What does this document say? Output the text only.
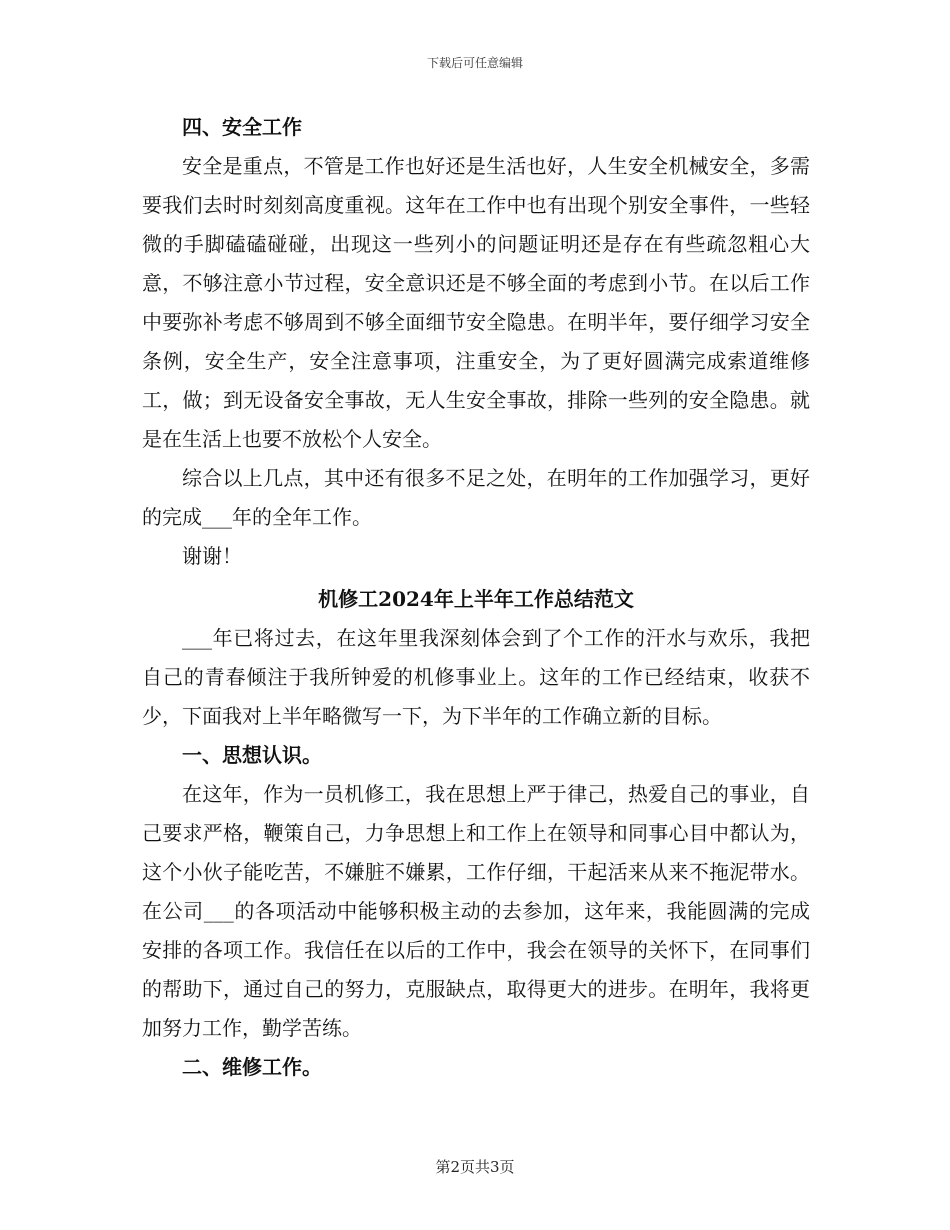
下载后可任意编辑

四、安全工作

安全是重点，不管是工作也好还是生活也好，人生安全机械安全，多需要我们去时时刻刻高度重视。这年在工作中也有出现个别安全事件，一些轻微的手脚磕磕碰碰，出现这一些列小的问题证明还是存在有些疏忽粗心大意，不够注意小节过程，安全意识还是不够全面的考虑到小节。在以后工作中要弥补考虑不够周到不够全面细节安全隐患。在明半年，要仔细学习安全条例，安全生产，安全注意事项，注重安全，为了更好圆满完成索道维修工，做；到无设备安全事故，无人生安全事故，排除一些列的安全隐患。就是在生活上也要不放松个人安全。

综合以上几点，其中还有很多不足之处，在明年的工作加强学习，更好的完成___年的全年工作。

谢谢！

机修工2024年上半年工作总结范文

___年已将过去，在这年里我深刻体会到了个工作的汗水与欢乐，我把自己的青春倾注于我所钟爱的机修事业上。这年的工作已经结束，收获不少，下面我对上半年略微写一下，为下半年的工作确立新的目标。

一、思想认识。

在这年，作为一员机修工，我在思想上严于律己，热爱自己的事业，自己要求严格，鞭策自己，力争思想上和工作上在领导和同事心目中都认为，这个小伙子能吃苦，不嫌脏不嫌累，工作仔细，干起活来从来不拖泥带水。在公司___的各项活动中能够积极主动的去参加，这年来，我能圆满的完成安排的各项工作。我信任在以后的工作中，我会在领导的关怀下，在同事们的帮助下，通过自己的努力，克服缺点，取得更大的进步。在明年，我将更加努力工作，勤学苦练。

二、维修工作。

第2页共3页
